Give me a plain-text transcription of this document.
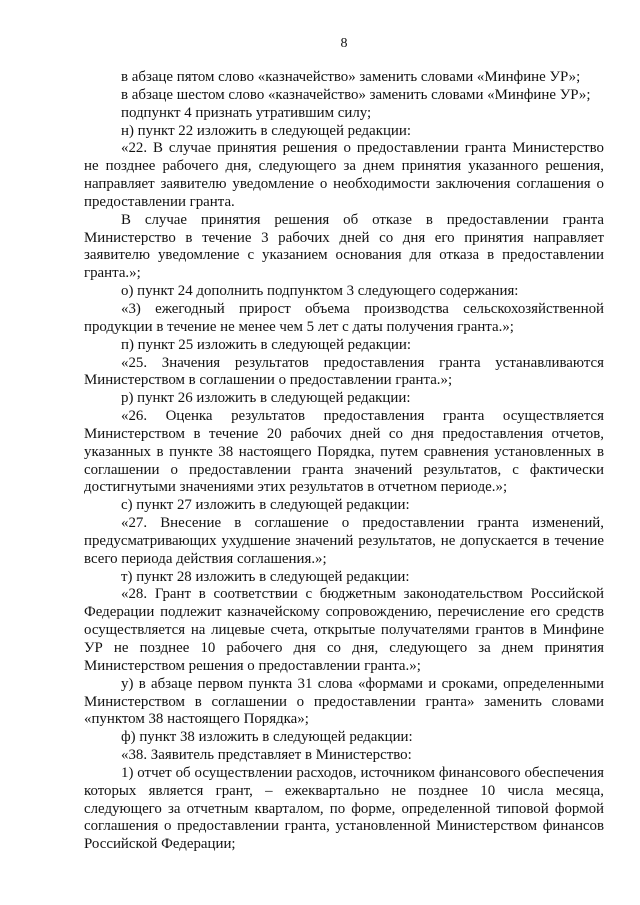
8

в абзаце пятом слово «казначейство» заменить словами «Минфине УР»;

в абзаце шестом слово «казначейство» заменить словами «Минфине УР»;

подпункт 4 признать утратившим силу;

н) пункт 22 изложить в следующей редакции:

«22. В случае принятия решения о предоставлении гранта Министерство не позднее рабочего дня, следующего за днем принятия указанного решения, направляет заявителю уведомление о необходимости заключения соглашения о предоставлении гранта.

В случае принятия решения об отказе в предоставлении гранта Министерство в течение 3 рабочих дней со дня его принятия направляет заявителю уведомление с указанием основания для отказа в предоставлении гранта.»;

о) пункт 24 дополнить подпунктом 3 следующего содержания:

«3) ежегодный прирост объема производства сельскохозяйственной продукции в течение не менее чем 5 лет с даты получения гранта.»;

п) пункт 25 изложить в следующей редакции:

«25. Значения результатов предоставления гранта устанавливаются Министерством в соглашении о предоставлении гранта.»;

р) пункт 26 изложить в следующей редакции:

«26. Оценка результатов предоставления гранта осуществляется Министерством в течение 20 рабочих дней со дня предоставления отчетов, указанных в пункте 38 настоящего Порядка, путем сравнения установленных в соглашении о предоставлении гранта значений результатов, с фактически достигнутыми значениями этих результатов в отчетном периоде.»;

с) пункт 27 изложить в следующей редакции:

«27. Внесение в соглашение о предоставлении гранта изменений, предусматривающих ухудшение значений результатов, не допускается в течение всего периода действия соглашения.»;

т) пункт 28 изложить в следующей редакции:

«28. Грант в соответствии с бюджетным законодательством Российской Федерации подлежит казначейскому сопровождению, перечисление его средств осуществляется на лицевые счета, открытые получателями грантов в Минфине УР не позднее 10 рабочего дня со дня, следующего за днем принятия Министерством решения о предоставлении гранта.»;

у) в абзаце первом пункта 31 слова «формами и сроками, определенными Министерством в соглашении о предоставлении гранта» заменить словами «пунктом 38 настоящего Порядка»;

ф) пункт 38 изложить в следующей редакции:

«38. Заявитель представляет в Министерство:

1) отчет об осуществлении расходов, источником финансового обеспечения которых является грант, – ежеквартально не позднее 10 числа месяца, следующего за отчетным кварталом, по форме, определенной типовой формой соглашения о предоставлении гранта, установленной Министерством финансов Российской Федерации;
